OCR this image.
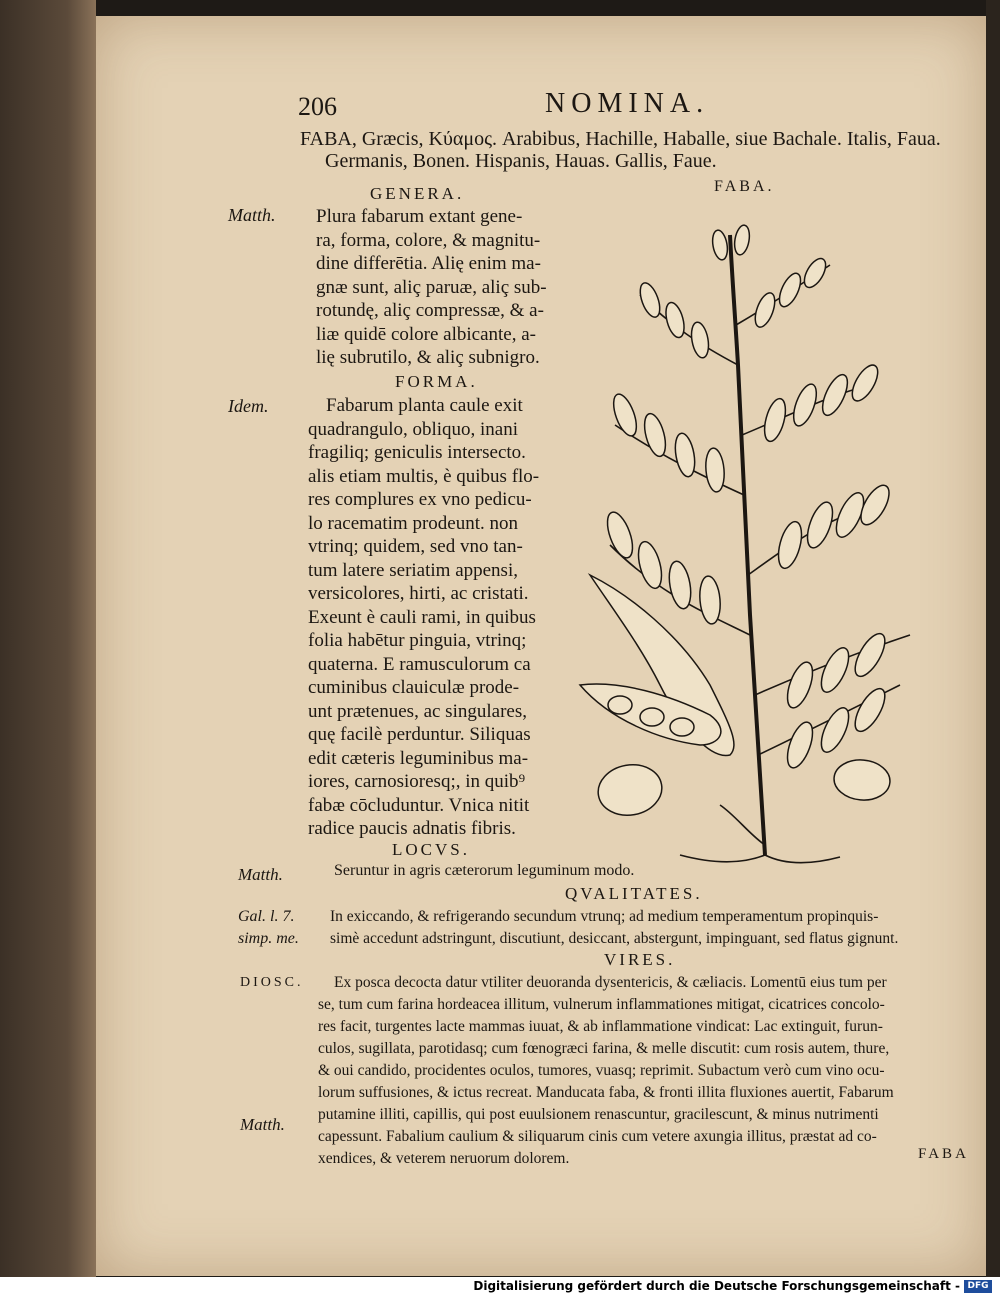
206	NOMINA.
FABA, Græcis, Κύαμος. Arabibus, Hachille, Haballe, siue Bachale. Italis, Faua.
Germanis, Bonen. Hispanis, Hauas. Gallis, Faue.
FABA.
GENERA.
Matth. Plura fabarum extant gene-
ra, forma, colore, & magnitu-
dine differētia. Alię enim ma-
gnæ sunt, aliç paruæ, aliç sub-
rotundę, aliç compressæ, & a-
liæ quidē colore albicante, a-
lię subrutilo, & aliç subnigro.
FORMA.
Idem.	Fabarum planta caule exit
quadrangulo, obliquo, inani
fragiliq; geniculis intersecto.
alis etiam multis, è quibus flo-
res complures ex vno pedicu-
lo racematim prodeunt. non
vtrinq; quidem, sed vno tan-
tum latere seriatim appensi,
versicolores, hirti, ac cristati.
Exeunt è cauli rami, in quibus
folia habētur pinguia, vtrinq;
quaterna. E ramusculorum ca
cuminibus clauiculæ prode-
unt prætenues, ac singulares,
quę facilè perduntur. Siliquas
edit cæteris leguminibus ma-
iores, carnosioresq;, in quib⁹
fabæ cōcluduntur. Vnica nitit
radice paucis adnatis fibris.
LOCVS.
Matth.	Seruntur in agris cæterorum leguminum modo.
QVALITATES.
Gal. l. 7.
simp. me.
In exiccando, & refrigerando secundum vtrunq; ad medium temperamentum propinquis-
simè accedunt adstringunt, discutiunt, desiccant, abstergunt, impinguant, sed flatus gignunt.
VIRES.
DIOSC.
Matth.
Ex posca decocta datur vtiliter deuoranda dysentericis, & cæliacis. Lomentū eius tum per
se, tum cum farina hordeacea illitum, vulnerum inflammationes mitigat, cicatrices concolo-
res facit, turgentes lacte mammas iuuat, & ab inflammatione vindicat: Lac extinguit, furun-
culos, sugillata, parotidasq; cum fœnogræci farina, & melle discutit: cum rosis autem, thure,
& oui candido, procidentes oculos, tumores, vuasq; reprimit. Subactum verò cum vino ocu-
lorum suffusiones, & ictus recreat. Manducata faba, & fronti illita fluxiones auertit, Fabarum
putamine illiti, capillis, qui post euulsionem renascuntur, gracilescunt, & minus nutrimenti
capessunt. Fabalium caulium & siliquarum cinis cum vetere axungia illitus, præstat ad co-
xendices, & veterem neruorum dolorem.	FABA
Digitalisierung gefördert durch die Deutsche Forschungsgemeinschaft - DFG
